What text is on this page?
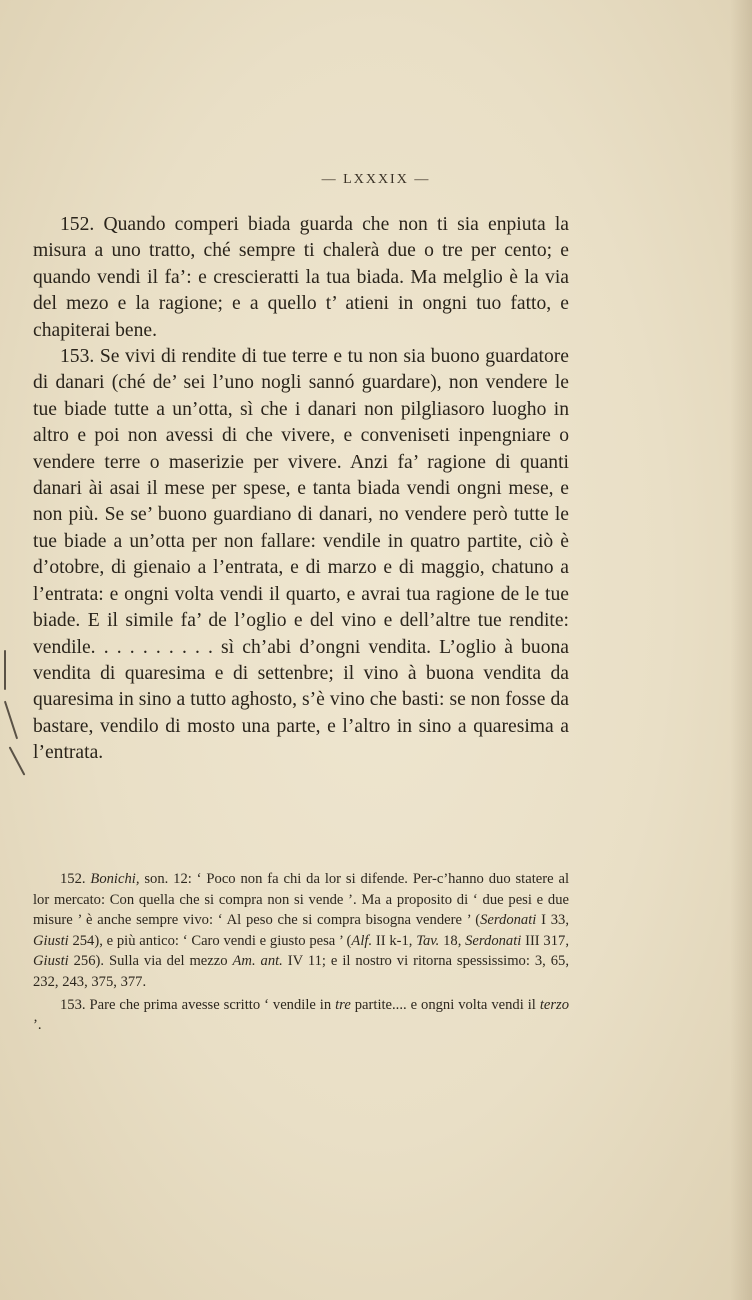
— LXXXIX —

152. Quando comperi biada guarda che non ti sia enpiuta la misura a uno tratto, ché sempre ti chalerà due o tre per cento; e quando vendi il fa’: e crescieratti la tua biada. Ma melglio è la via del mezo e la ragione; e a quello t’ atieni in ongni tuo fatto, e chapiterai bene.

153. Se vivi di rendite di tue terre e tu non sia buono guardatore di danari (ché de’ sei l’uno nogli sannó guardare), non vendere le tue biade tutte a un’otta, sì che i danari non pilgliasoro luogho in altro e poi non avessi di che vivere, e conveniseti inpengniare o vendere terre o maserizie per vivere. Anzi fa’ ragione di quanti danari ài asai il mese per spese, e tanta biada vendi ongni mese, e non più. Se se’ buono guardiano di danari, no vendere però tutte le tue biade a un’otta per non fallare: vendile in quatro partite, ciò è d’otobre, di gienaio a l’entrata, e di marzo e di maggio, chatuno a l’entrata: e ongni volta vendi il quarto, e avrai tua ragione de le tue biade. E il simile fa’ de l’oglio e del vino e dell’altre tue rendite: vendile. . . . . . . . . . sì ch’abi d’ongni vendita. L’oglio à buona vendita di quaresima e di settenbre; il vino à buona vendita da quaresima in sino a tutto aghosto, s’è vino che basti: se non fosse da bastare, vendilo di mosto una parte, e l’altro in sino a quaresima a l’entrata.

152. Bonichi, son. 12: ‘ Poco non fa chi da lor si difende. Per-c’hanno duo statere al lor mercato: Con quella che si compra non si vende ’. Ma a proposito di ‘ due pesi e due misure ’ è anche sempre vivo: ‘ Al peso che si compra bisogna vendere ’ (Serdonati I 33, Giusti 254), e più antico: ‘ Caro vendi e giusto pesa ’ (Alf. II k-1, Tav. 18, Serdonati III 317, Giusti 256). Sulla via del mezzo Am. ant. IV 11; e il nostro vi ritorna spessissimo: 3, 65, 232, 243, 375, 377.

153. Pare che prima avesse scritto ‘ vendile in tre partite.... e ongni volta vendi il terzo ’.
